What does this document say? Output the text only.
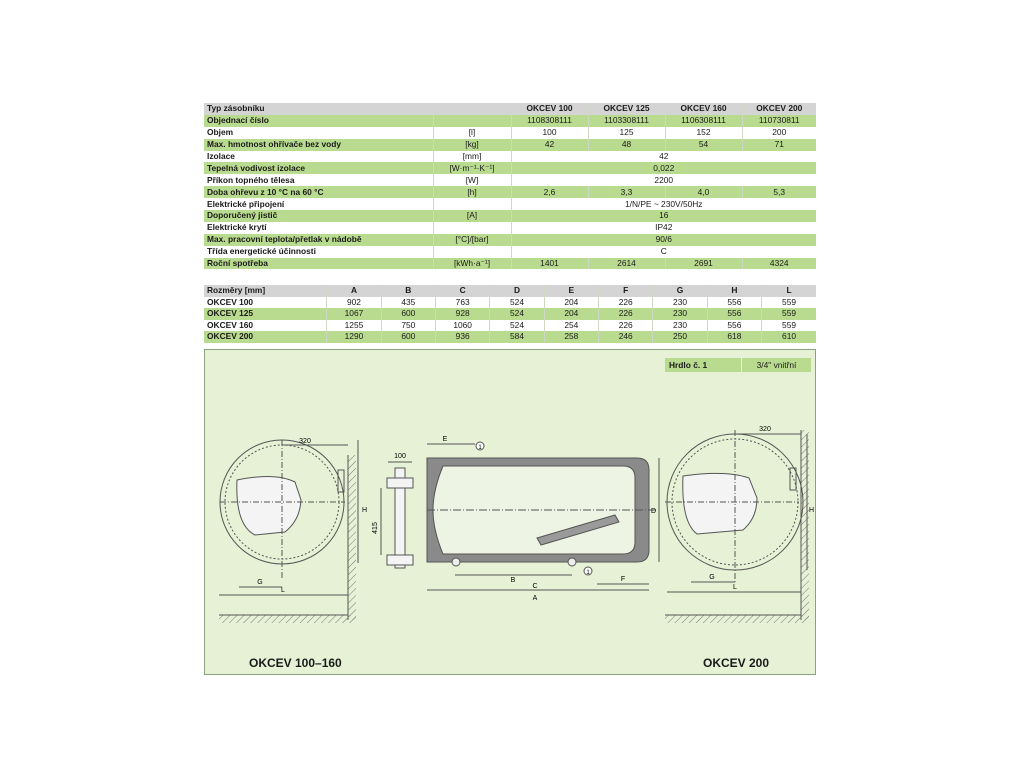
Typ zásobníku		OKCEV 100	OKCEV 125	OKCEV 160	OKCEV 200
Objednací číslo		1108308111	1103308111	1106308111	110730811
Objem	[l]	100	125	152	200
Max. hmotnost ohřívače bez vody	[kg]	42	48	54	71
Izolace	[mm]	42			
Tepelná vodivost izolace	[W·m⁻¹·K⁻¹]	0,022			
Příkon topného tělesa	[W]	2200			
Doba ohřevu z 10 °C na 60 °C	[h]	2,6	3,3	4,0	5,3
Elektrické připojení		1/N/PE ~ 230V/50Hz			
Doporučený jistič	[A]	16			
Elektrické krytí		IP42			
Max. pracovní teplota/přetlak v nádobě	[°C]/[bar]	90/6			
Třída energetické účinnosti		C			
Roční spotřeba	[kWh·a⁻¹]	1401	2614	2691	4324
Rozměry [mm]	A	B	C	D	E	F	G	H	L
OKCEV 100	902	435	763	524	204	226	230	556	559
OKCEV 125	1067	600	928	524	204	226	230	556	559
OKCEV 160	1255	750	1060	524	254	226	230	556	559
OKCEV 200	1290	600	936	584	258	246	250	618	610
Hrdlo č. 1	3/4" vnitřní
320
G
L
H
100
415
E
1
1
B
C
A
F
D
320
G
L
H
OKCEV 100–160	OKCEV 200
